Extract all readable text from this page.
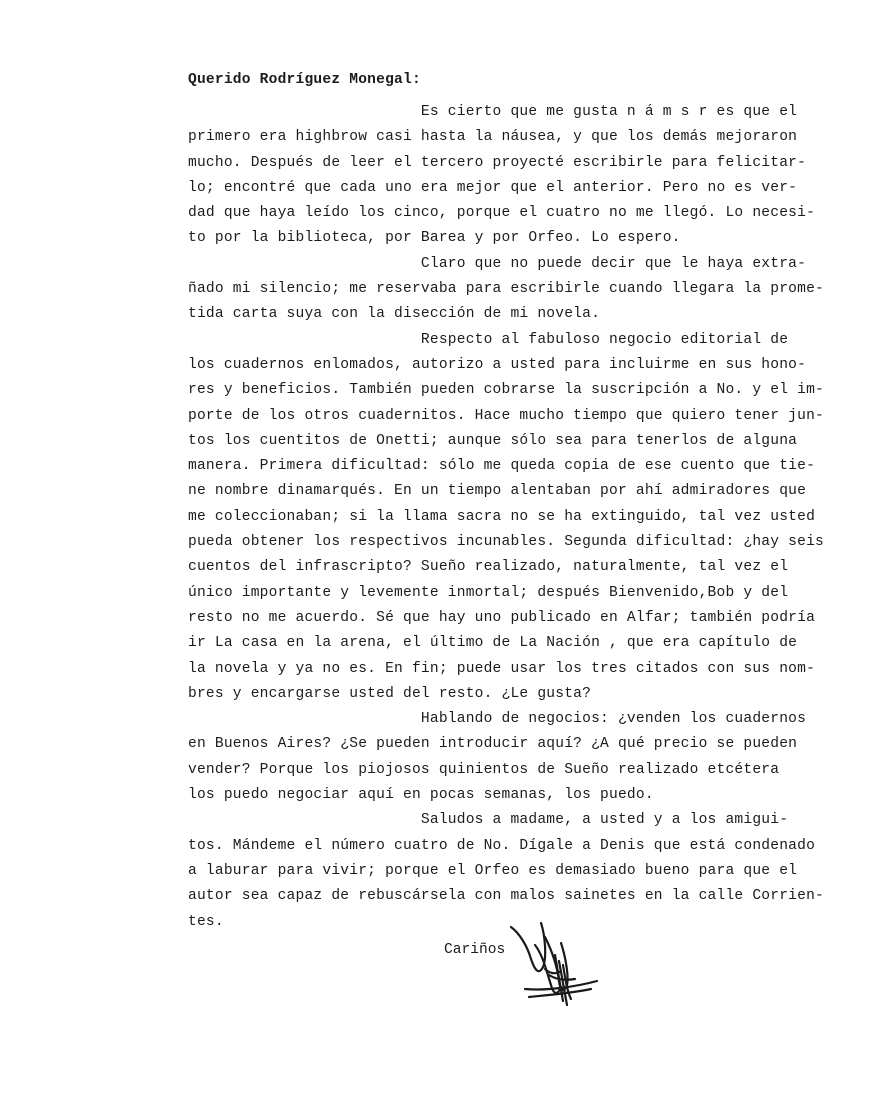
Querido Rodríguez Monegal:
Es cierto que me gusta n á m s r es que el
primero era highbrow casi hasta la náusea, y que los demás mejoraron
mucho. Después de leer el tercero proyecté escribirle para felicitar-
lo; encontré que cada uno era mejor que el anterior. Pero no es ver-
dad que haya leído los cinco, porque el cuatro no me llegó. Lo necesi-
to por la biblioteca, por Barea y por Orfeo. Lo espero.
Claro que no puede decir que le haya extra-
ñado mi silencio; me reservaba para escribirle cuando llegara la prome-
tida carta suya con la disección de mi novela.
Respecto al fabuloso negocio editorial de
los cuadernos enlomados, autorizo a usted para incluirme en sus hono-
res y beneficios. También pueden cobrarse la suscripción a No. y el im-
porte de los otros cuadernitos. Hace mucho tiempo que quiero tener jun-
tos los cuentitos de Onetti; aunque sólo sea para tenerlos de alguna
manera. Primera dificultad: sólo me queda copia de ese cuento que tie-
ne nombre dinamarqués. En un tiempo alentaban por ahí admiradores que
me coleccionaban; si la llama sacra no se ha extinguido, tal vez usted
pueda obtener los respectivos incunables. Segunda dificultad: ¿hay seis
cuentos del infrascripto? Sueño realizado, naturalmente, tal vez el
único importante y levemente inmortal; después Bienvenido,Bob y del
resto no me acuerdo. Sé que hay uno publicado en Alfar; también podría
ir La casa en la arena, el último de La Nación , que era capítulo de
la novela y ya no es. En fin; puede usar los tres citados con sus nom-
bres y encargarse usted del resto. ¿Le gusta?
Hablando de negocios: ¿venden los cuadernos
en Buenos Aires? ¿Se pueden introducir aquí? ¿A qué precio se pueden
vender? Porque los piojosos quinientos de Sueño realizado etcétera
los puedo negociar aquí en pocas semanas, los puedo.
Saludos a madame, a usted y a los amigui-
tos. Mándeme el número cuatro de No. Dígale a Denis que está condenado
a laburar para vivir; porque el Orfeo es demasiado bueno para que el
autor sea capaz de rebuscársela con malos sainetes en la calle Corrien-
tes.
Cariños
